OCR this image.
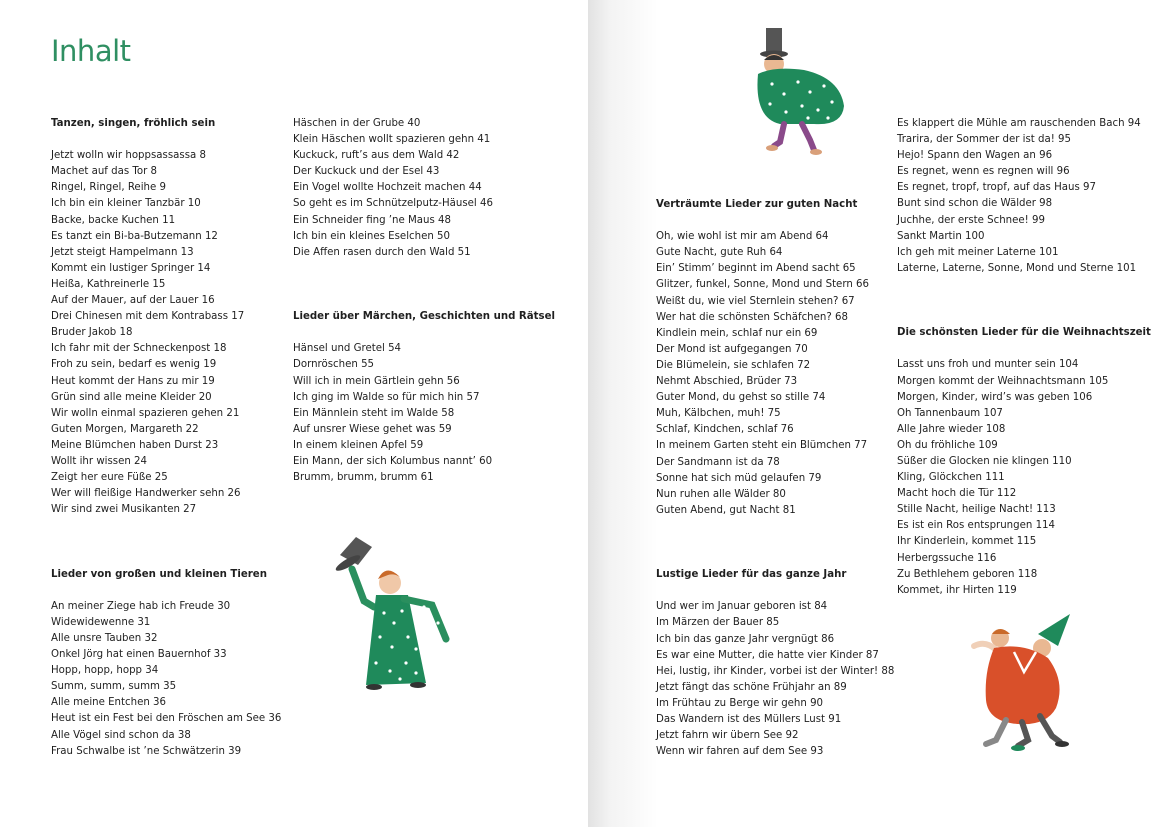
Inhalt
Tanzen, singen, fröhlich sein
Jetzt wolln wir hoppsassassa 8
Machet auf das Tor 8
Ringel, Ringel, Reihe 9
Ich bin ein kleiner Tanzbär 10
Backe, backe Kuchen 11
Es tanzt ein Bi-ba-Butzemann 12
Jetzt steigt Hampelmann 13
Kommt ein lustiger Springer 14
Heißa, Kathreinerle 15
Auf der Mauer, auf der Lauer 16
Drei Chinesen mit dem Kontrabass 17
Bruder Jakob 18
Ich fahr mit der Schneckenpost 18
Froh zu sein, bedarf es wenig 19
Heut kommt der Hans zu mir 19
Grün sind alle meine Kleider 20
Wir wolln einmal spazieren gehen 21
Guten Morgen, Margareth 22
Meine Blümchen haben Durst 23
Wollt ihr wissen 24
Zeigt her eure Füße 25
Wer will fleißige Handwerker sehn 26
Wir sind zwei Musikanten 27
Lieder von großen und kleinen Tieren
An meiner Ziege hab ich Freude 30
Widewidewenne 31
Alle unsre Tauben 32
Onkel Jörg hat einen Bauernhof 33
Hopp, hopp, hopp 34
Summ, summ, summ 35
Alle meine Entchen 36
Heut ist ein Fest bei den Fröschen am See 36
Alle Vögel sind schon da 38
Frau Schwalbe ist ’ne Schwätzerin 39
Häschen in der Grube 40
Klein Häschen wollt spazieren gehn 41
Kuckuck, ruft’s aus dem Wald 42
Der Kuckuck und der Esel 43
Ein Vogel wollte Hochzeit machen 44
So geht es im Schnützelputz-Häusel 46
Ein Schneider fing ’ne Maus 48
Ich bin ein kleines Eselchen 50
Die Affen rasen durch den Wald 51
Lieder über Märchen, Geschichten und Rätsel
Hänsel und Gretel 54
Dornröschen 55
Will ich in mein Gärtlein gehn 56
Ich ging im Walde so für mich hin 57
Ein Männlein steht im Walde 58
Auf unsrer Wiese gehet was 59
In einem kleinen Apfel 59
Ein Mann, der sich Kolumbus nannt’ 60
Brumm, brumm, brumm 61
Verträumte Lieder zur guten Nacht
Oh, wie wohl ist mir am Abend 64
Gute Nacht, gute Ruh 64
Ein’ Stimm’ beginnt im Abend sacht 65
Glitzer, funkel, Sonne, Mond und Stern 66
Weißt du, wie viel Sternlein stehen? 67
Wer hat die schönsten Schäfchen? 68
Kindlein mein, schlaf nur ein 69
Der Mond ist aufgegangen 70
Die Blümelein, sie schlafen 72
Nehmt Abschied, Brüder 73
Guter Mond, du gehst so stille 74
Muh, Kälbchen, muh! 75
Schlaf, Kindchen, schlaf 76
In meinem Garten steht ein Blümchen 77
Der Sandmann ist da 78
Sonne hat sich müd gelaufen 79
Nun ruhen alle Wälder 80
Guten Abend, gut Nacht 81
Lustige Lieder für das ganze Jahr
Und wer im Januar geboren ist 84
Im Märzen der Bauer 85
Ich bin das ganze Jahr vergnügt 86
Es war eine Mutter, die hatte vier Kinder 87
Hei, lustig, ihr Kinder, vorbei ist der Winter! 88
Jetzt fängt das schöne Frühjahr an 89
Im Frühtau zu Berge wir gehn 90
Das Wandern ist des Müllers Lust 91
Jetzt fahrn wir übern See 92
Wenn wir fahren auf dem See 93
Es klappert die Mühle am rauschenden Bach 94
Trarira, der Sommer der ist da! 95
Hejo! Spann den Wagen an 96
Es regnet, wenn es regnen will 96
Es regnet, tropf, tropf, auf das Haus 97
Bunt sind schon die Wälder 98
Juchhe, der erste Schnee! 99
Sankt Martin 100
Ich geh mit meiner Laterne 101
Laterne, Laterne, Sonne, Mond und Sterne 101
Die schönsten Lieder für die Weihnachtszeit
Lasst uns froh und munter sein 104
Morgen kommt der Weihnachtsmann 105
Morgen, Kinder, wird’s was geben 106
Oh Tannenbaum 107
Alle Jahre wieder 108
Oh du fröhliche 109
Süßer die Glocken nie klingen 110
Kling, Glöckchen 111
Macht hoch die Tür 112
Stille Nacht, heilige Nacht! 113
Es ist ein Ros entsprungen 114
Ihr Kinderlein, kommet 115
Herbergssuche 116
Zu Bethlehem geboren 118
Kommet, ihr Hirten 119
